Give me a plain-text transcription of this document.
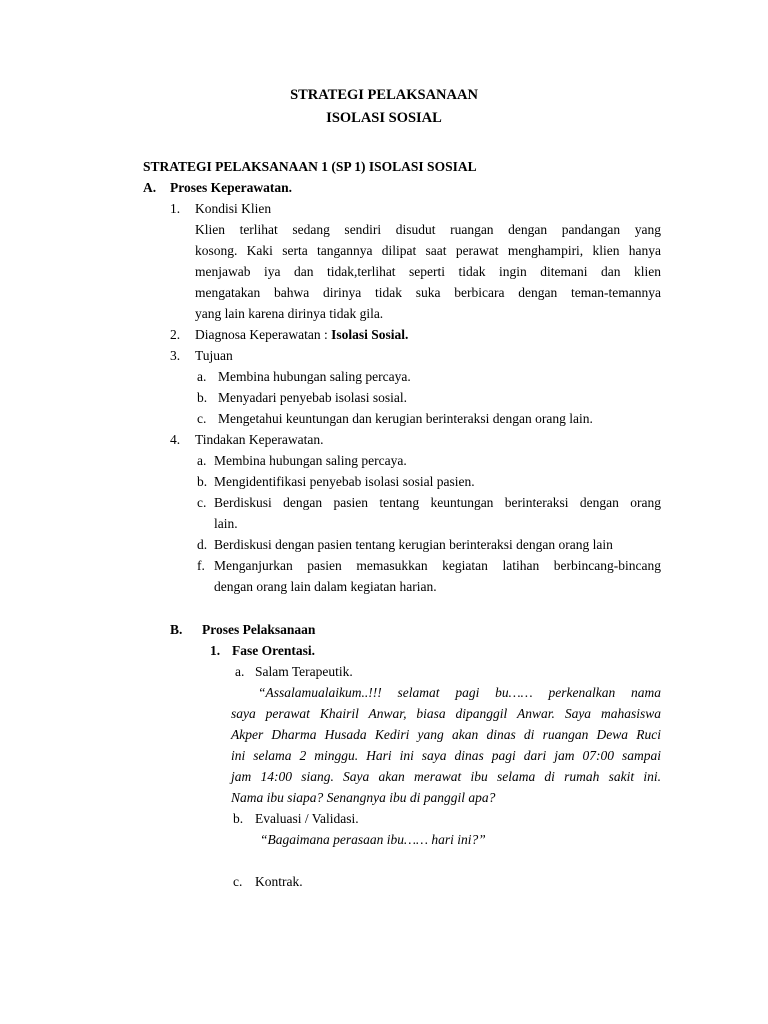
STRATEGI PELAKSANAAN
ISOLASI SOSIAL
STRATEGI PELAKSANAAN 1 (SP 1) ISOLASI SOSIAL
A. Proses Keperawatan.
1. Kondisi Klien
Klien terlihat sedang sendiri disudut ruangan dengan pandangan yang
kosong. Kaki serta tangannya dilipat saat perawat menghampiri, klien hanya
menjawab iya dan tidak,terlihat seperti tidak ingin ditemani dan klien
mengatakan bahwa dirinya tidak suka berbicara dengan teman-temannya
yang lain karena dirinya tidak gila.
2. Diagnosa Keperawatan : Isolasi Sosial.
3. Tujuan
a. Membina hubungan saling percaya.
b. Menyadari penyebab isolasi sosial.
c. Mengetahui keuntungan dan kerugian berinteraksi dengan orang lain.
4. Tindakan Keperawatan.
a. Membina hubungan saling percaya.
b. Mengidentifikasi penyebab isolasi sosial pasien.
c. Berdiskusi dengan pasien tentang keuntungan berinteraksi dengan orang
lain.
d. Berdiskusi dengan pasien tentang kerugian berinteraksi dengan orang lain
f. Menganjurkan pasien memasukkan kegiatan latihan berbincang-bincang
dengan orang lain dalam kegiatan harian.
B. Proses Pelaksanaan
1. Fase Orentasi.
a. Salam Terapeutik.
“Assalamualaikum..!!! selamat pagi bu…… perkenalkan nama
saya perawat Khairil Anwar, biasa dipanggil Anwar. Saya mahasiswa
Akper Dharma Husada Kediri yang akan dinas di ruangan Dewa Ruci
ini selama 2 minggu. Hari ini saya dinas pagi dari jam 07:00 sampai
jam 14:00 siang. Saya akan merawat ibu selama di rumah sakit ini.
Nama ibu siapa? Senangnya ibu di panggil apa?
b. Evaluasi / Validasi.
“Bagaimana perasaan ibu…… hari ini?”
c. Kontrak.
